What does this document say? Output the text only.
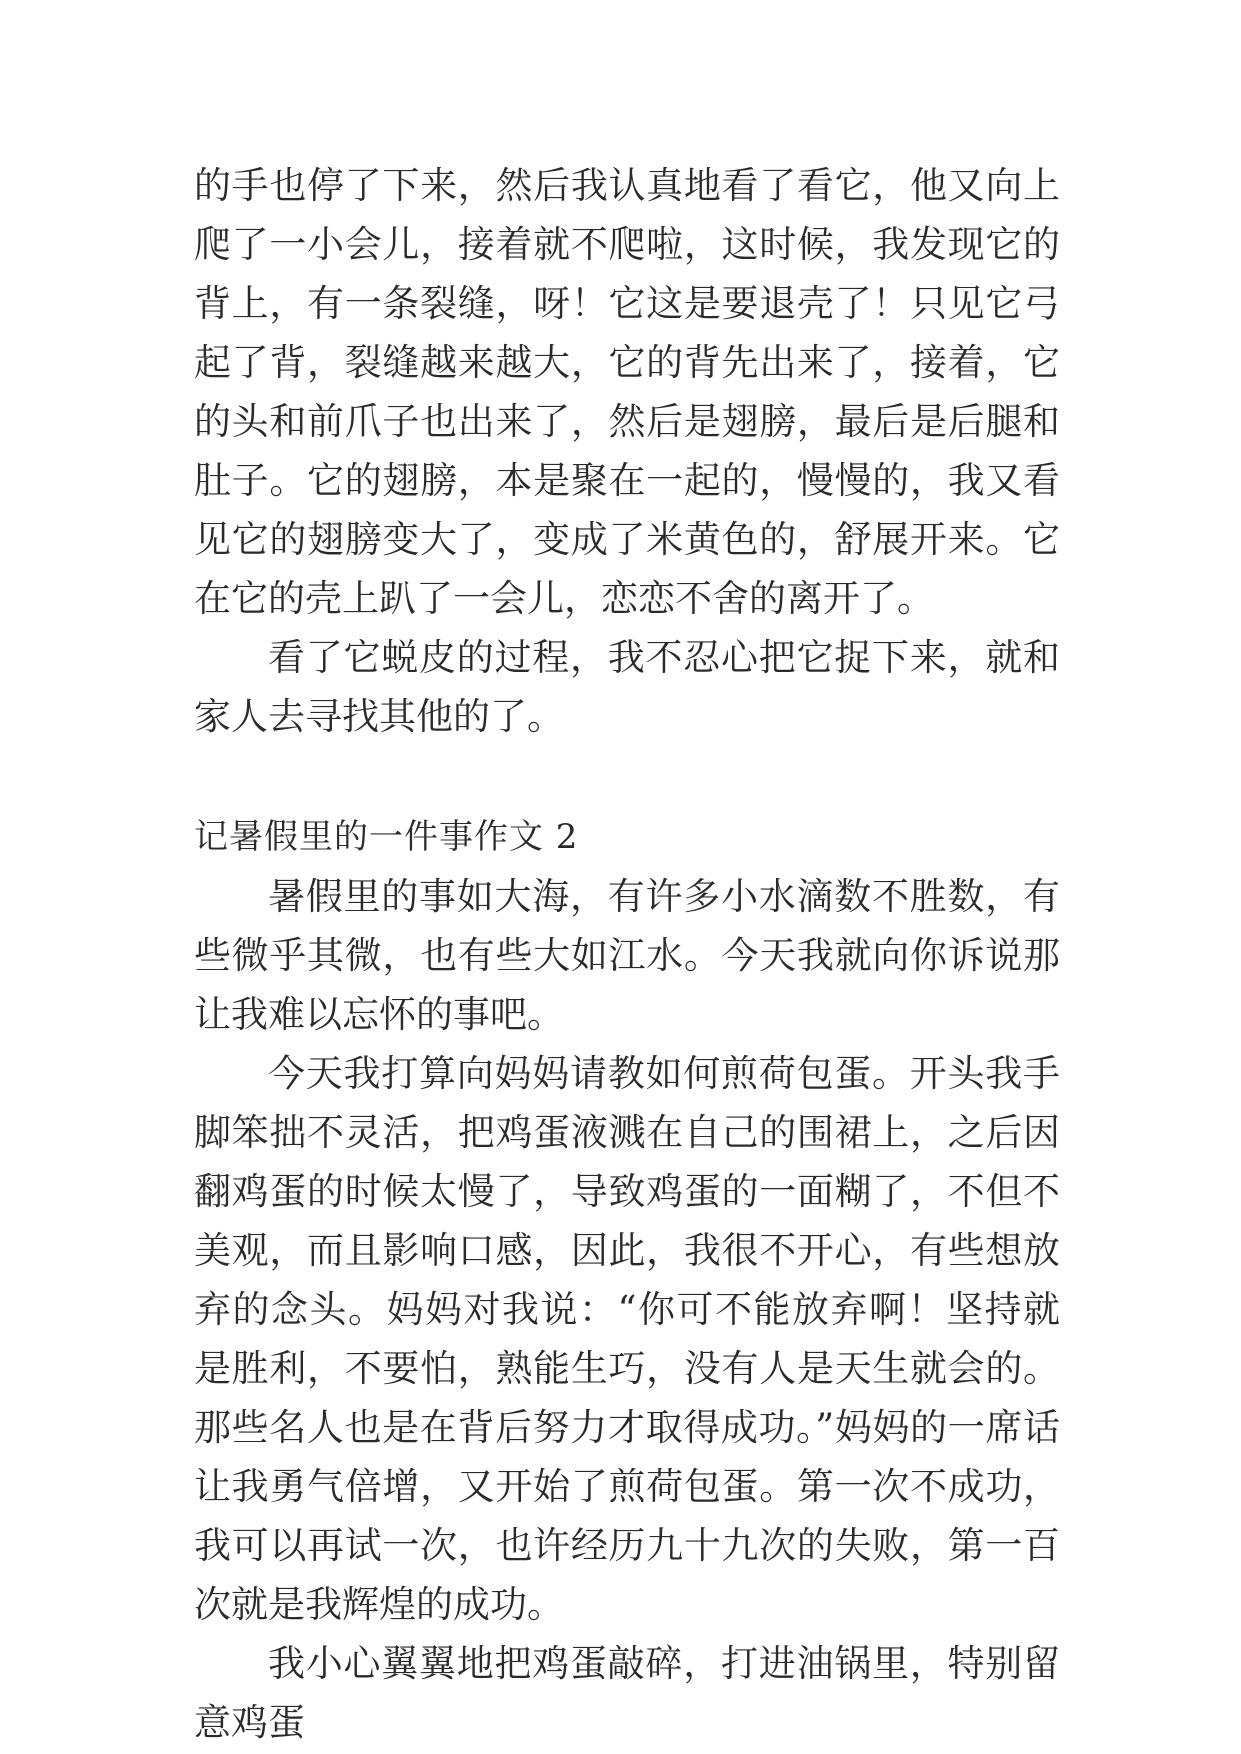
的手也停了下来，然后我认真地看了看它，他又向上爬了一小会儿，接着就不爬啦，这时候，我发现它的背上，有一条裂缝，呀！它这是要退壳了！只见它弓起了背，裂缝越来越大，它的背先出来了，接着，它的头和前爪子也出来了，然后是翅膀，最后是后腿和肚子。它的翅膀，本是聚在一起的，慢慢的，我又看见它的翅膀变大了，变成了米黄色的，舒展开来。它在它的壳上趴了一会儿，恋恋不舍的离开了。

看了它蜕皮的过程，我不忍心把它捉下来，就和家人去寻找其他的了。

记暑假里的一件事作文 2

暑假里的事如大海，有许多小水滴数不胜数，有些微乎其微，也有些大如江水。今天我就向你诉说那让我难以忘怀的事吧。

今天我打算向妈妈请教如何煎荷包蛋。开头我手脚笨拙不灵活，把鸡蛋液溅在自己的围裙上，之后因翻鸡蛋的时候太慢了，导致鸡蛋的一面糊了，不但不美观，而且影响口感，因此，我很不开心，有些想放弃的念头。妈妈对我说：“你可不能放弃啊！坚持就是胜利，不要怕，熟能生巧，没有人是天生就会的。那些名人也是在背后努力才取得成功。”妈妈的一席话让我勇气倍增，又开始了煎荷包蛋。第一次不成功，我可以再试一次，也许经历九十九次的失败，第一百次就是我辉煌的成功。

我小心翼翼地把鸡蛋敲碎，打进油锅里，特别留意鸡蛋
